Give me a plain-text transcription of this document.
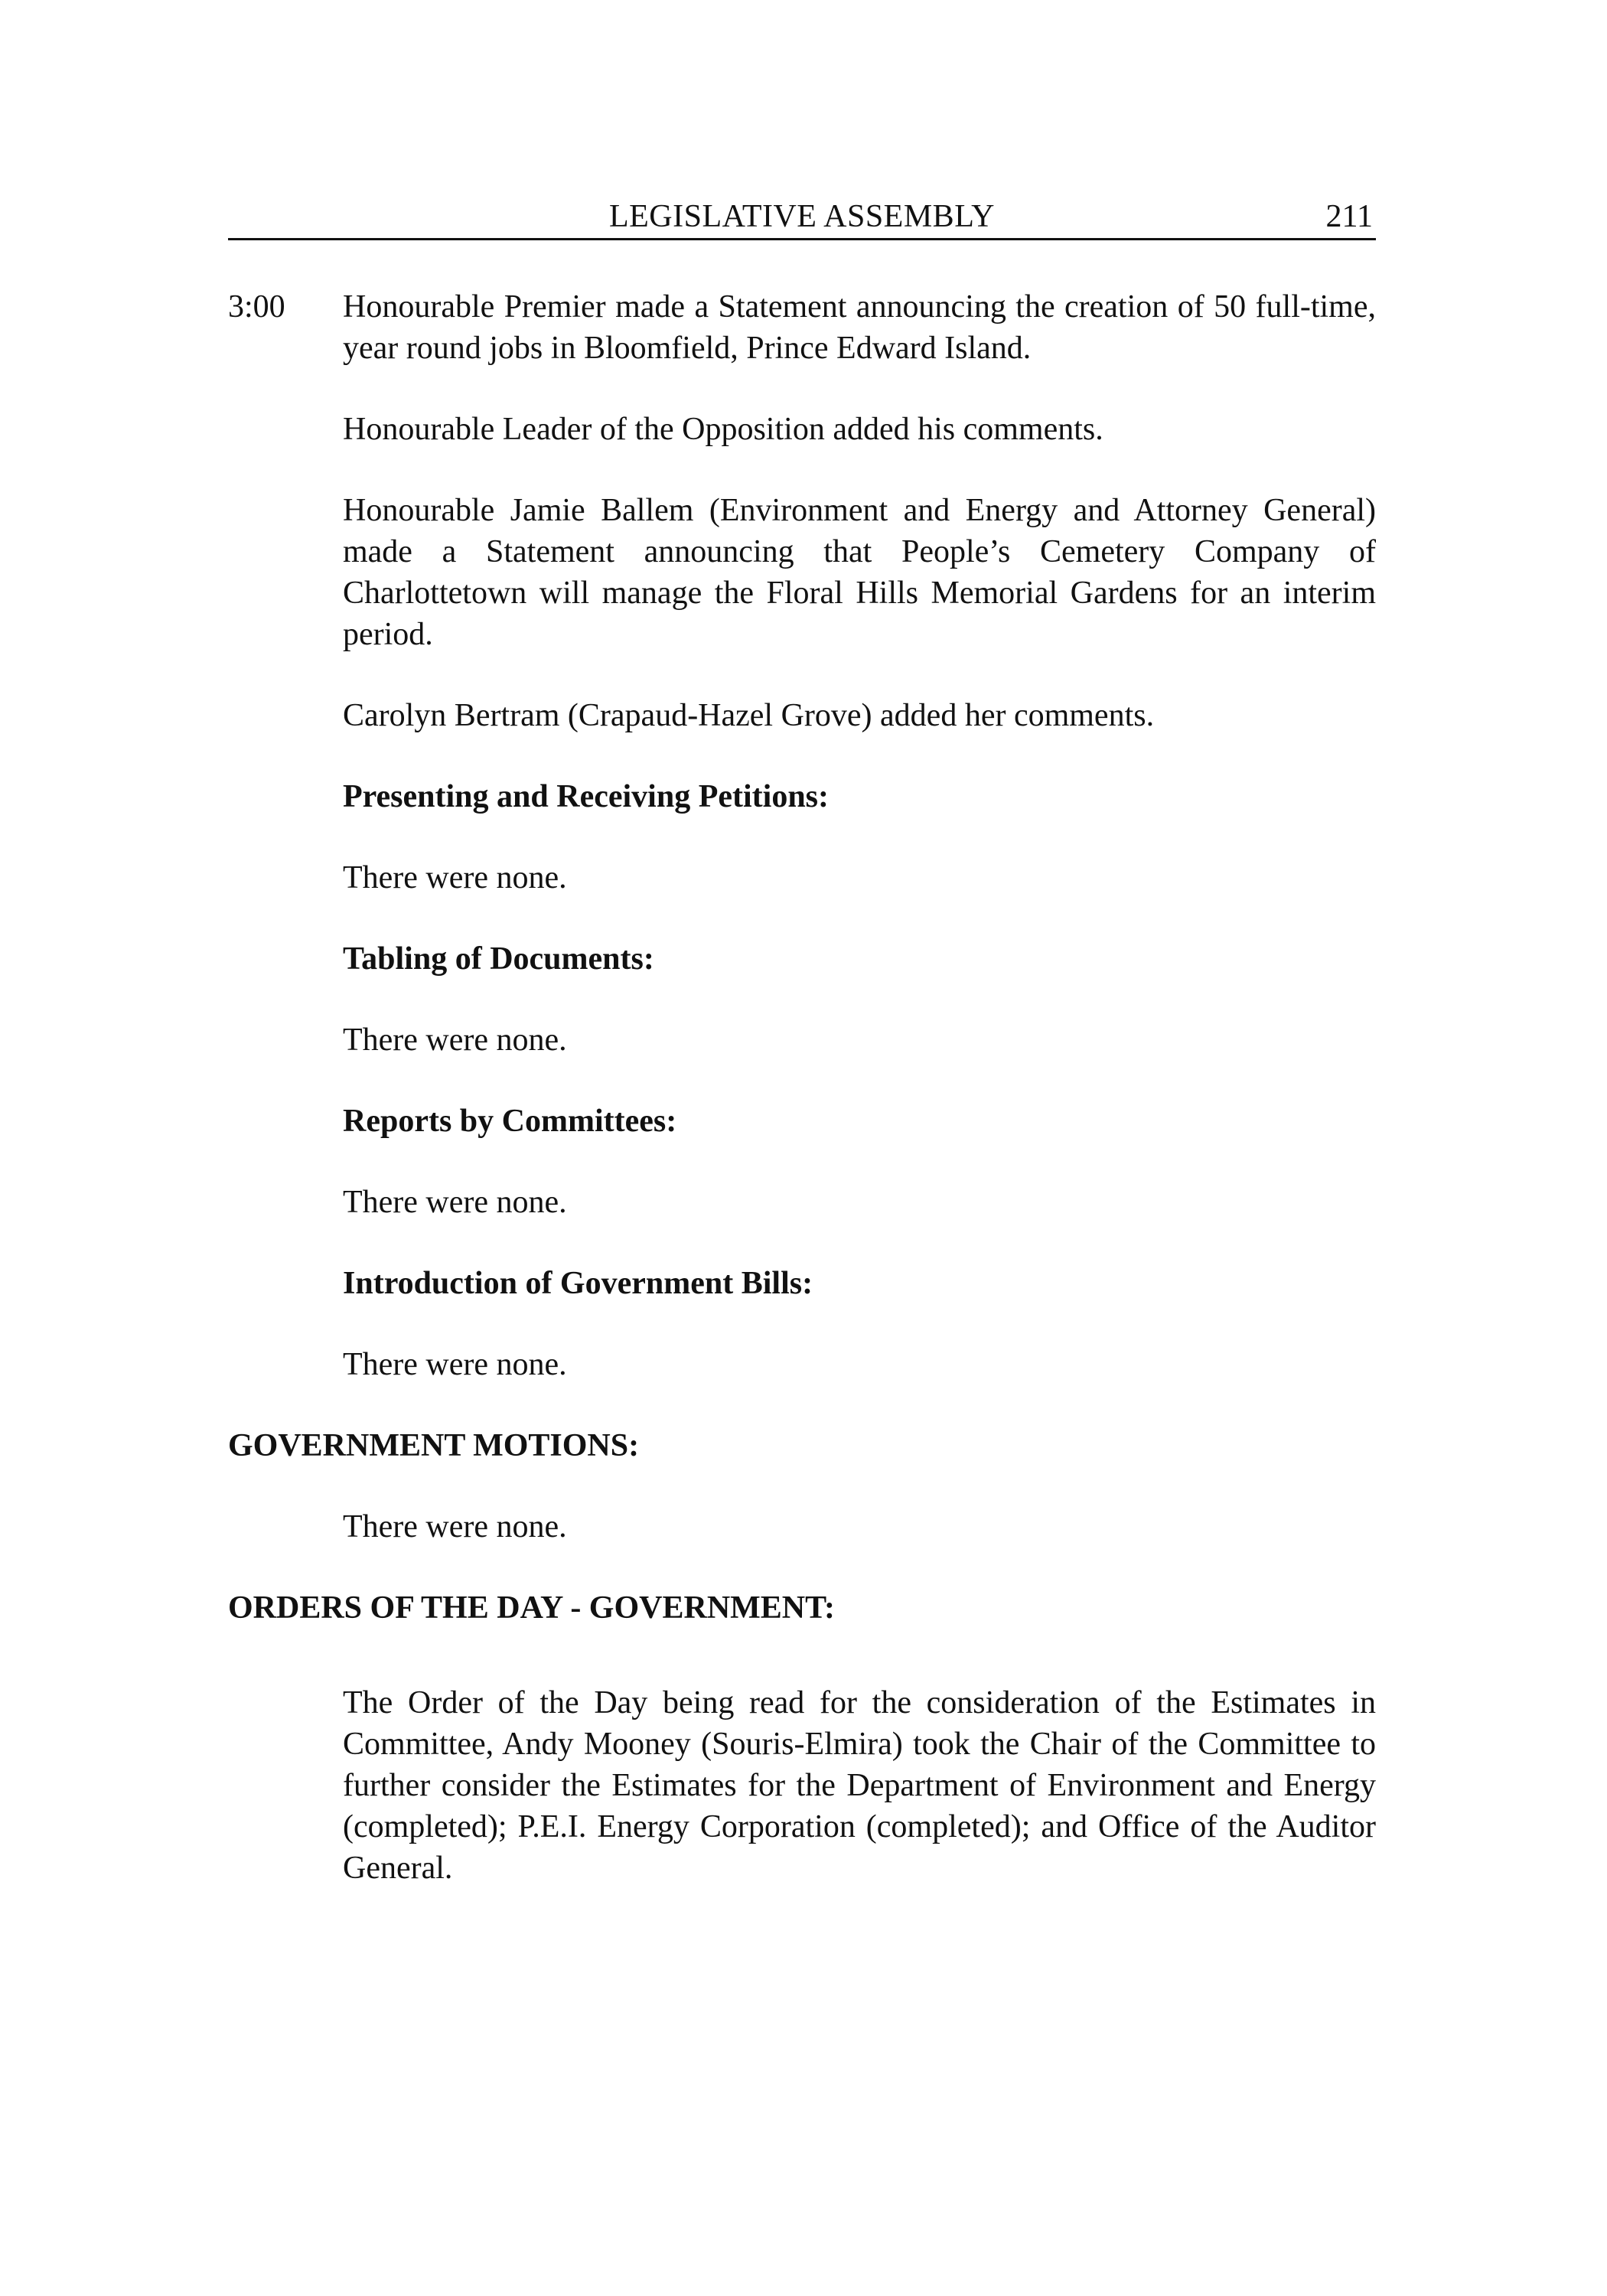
LEGISLATIVE ASSEMBLY	211
3:00 Honourable Premier made a Statement announcing the creation of 50 full-time, year round jobs in Bloomfield, Prince Edward Island.

Honourable Leader of the Opposition added his comments.

Honourable Jamie Ballem (Environment and Energy and Attorney General) made a Statement announcing that People’s Cemetery Company of Charlottetown will manage the Floral Hills Memorial Gardens for an interim period.

Carolyn Bertram (Crapaud-Hazel Grove) added her comments.

Presenting and Receiving Petitions:

There were none.

Tabling of Documents:

There were none.

Reports by Committees:

There were none.

Introduction of Government Bills:

There were none.

GOVERNMENT MOTIONS:

There were none.

ORDERS OF THE DAY - GOVERNMENT:

The Order of the Day being read for the consideration of the Estimates in Committee, Andy Mooney (Souris-Elmira) took the Chair of the Committee to further consider the Estimates for the Department of Environment and Energy (completed); P.E.I. Energy Corporation (completed); and Office of the Auditor General.
